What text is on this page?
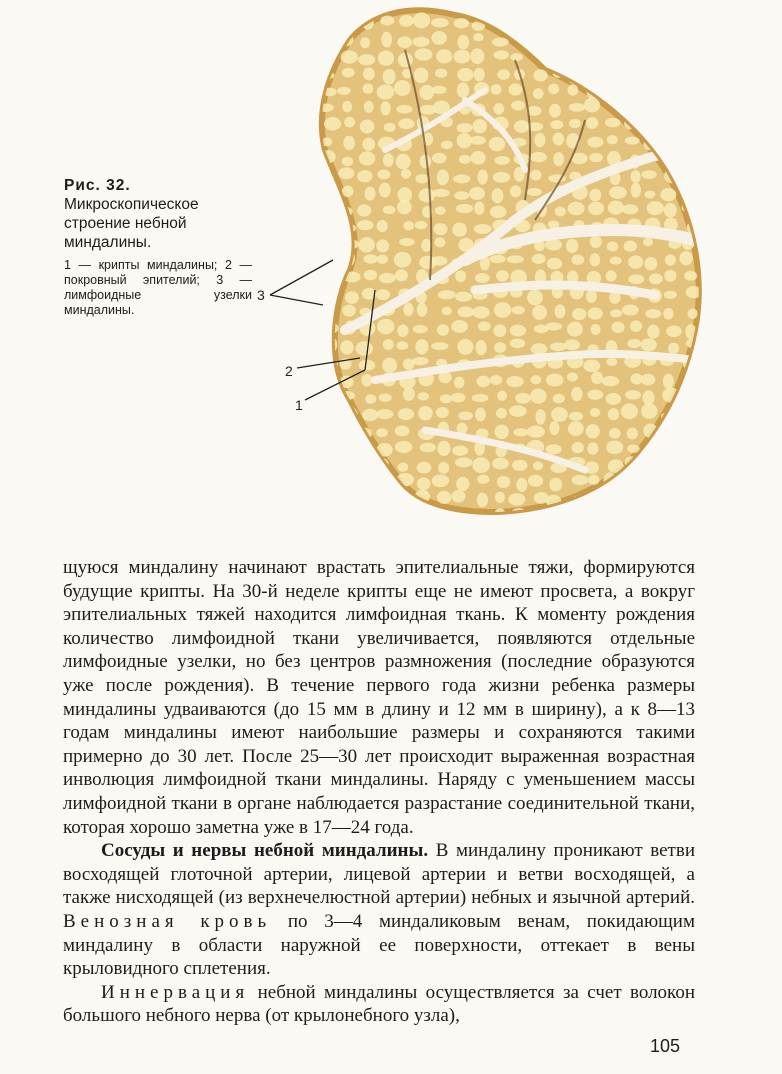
3
2
1

Рис. 32. Микроскопическое строение небной миндалины.

1 — крипты миндалины; 2 — покровный эпителий; 3 — лимфоидные узелки миндалины.

щуюся миндалину начинают врастать эпителиальные тяжи, формируются будущие крипты. На 30-й неделе крипты еще не имеют просвета, а вокруг эпителиальных тяжей находится лимфоидная ткань. К моменту рождения количество лимфоидной ткани увеличивается, появляются отдельные лимфоидные узелки, но без центров размножения (последние образуются уже после рождения). В течение первого года жизни ребенка размеры миндалины удваиваются (до 15 мм в длину и 12 мм в ширину), а к 8—13 годам миндалины имеют наибольшие размеры и сохраняются такими примерно до 30 лет. После 25—30 лет происходит выраженная возрастная инволюция лимфоидной ткани миндалины. Наряду с уменьшением массы лимфоидной ткани в органе наблюдается разрастание соединительной ткани, которая хорошо заметна уже в 17—24 года.

Сосуды и нервы небной миндалины. В миндалину проникают ветви восходящей глоточной артерии, лицевой артерии и ветви восходящей, а также нисходящей (из верхнечелюстной артерии) небных и язычной артерий. Венозная кровь по 3—4 миндаликовым венам, покидающим миндалину в области наружной ее поверхности, оттекает в вены крыловидного сплетения.

Иннервация небной миндалины осуществляется за счет волокон большого небного нерва (от крылонебного узла),

105
